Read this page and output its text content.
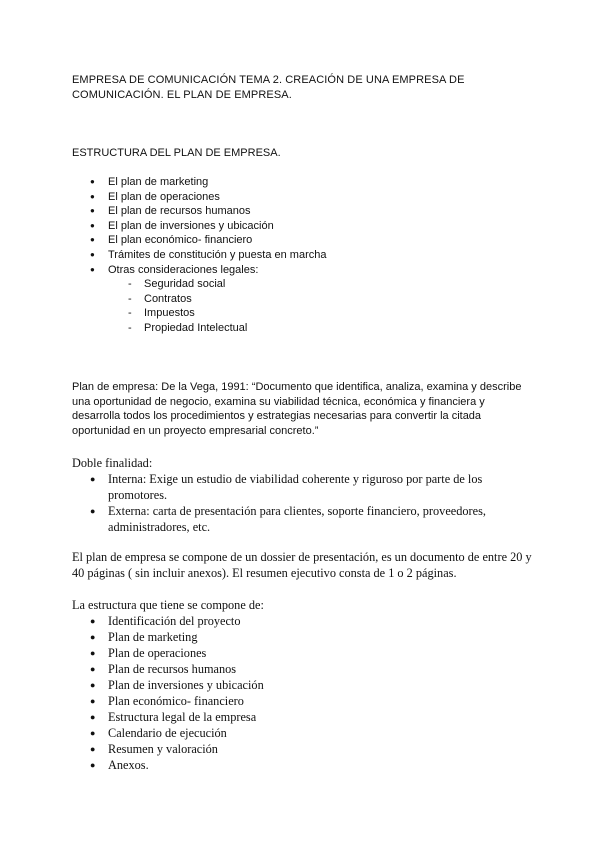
EMPRESA DE COMUNICACIÓN TEMA 2. CREACIÓN DE UNA EMPRESA DE COMUNICACIÓN. EL PLAN DE EMPRESA.
ESTRUCTURA DEL PLAN DE EMPRESA.
● El plan de marketing
● El plan de operaciones
● El plan de recursos humanos
● El plan de inversiones y ubicación
● El plan económico- financiero
● Trámites de constitución y puesta en marcha
● Otras consideraciones legales:
- Seguridad social
- Contratos
- Impuestos
- Propiedad Intelectual
Plan de empresa: De la Vega, 1991: “Documento que identifica, analiza, examina y describe una oportunidad de negocio, examina su viabilidad técnica, económica y financiera y desarrolla todos los procedimientos y estrategias necesarias para convertir la citada oportunidad en un proyecto empresarial concreto.”
Doble finalidad:
● Interna: Exige un estudio de viabilidad coherente y riguroso por parte de los promotores.
● Externa: carta de presentación para clientes, soporte financiero, proveedores, administradores, etc.
El plan de empresa se compone de un dossier de presentación, es un documento de entre 20 y 40 páginas ( sin incluir anexos). El resumen ejecutivo consta de 1 o 2 páginas.
La estructura que tiene se compone de:
● Identificación del proyecto
● Plan de marketing
● Plan de operaciones
● Plan de recursos humanos
● Plan de inversiones y ubicación
● Plan económico- financiero
● Estructura legal de la empresa
● Calendario de ejecución
● Resumen y valoración
● Anexos.
